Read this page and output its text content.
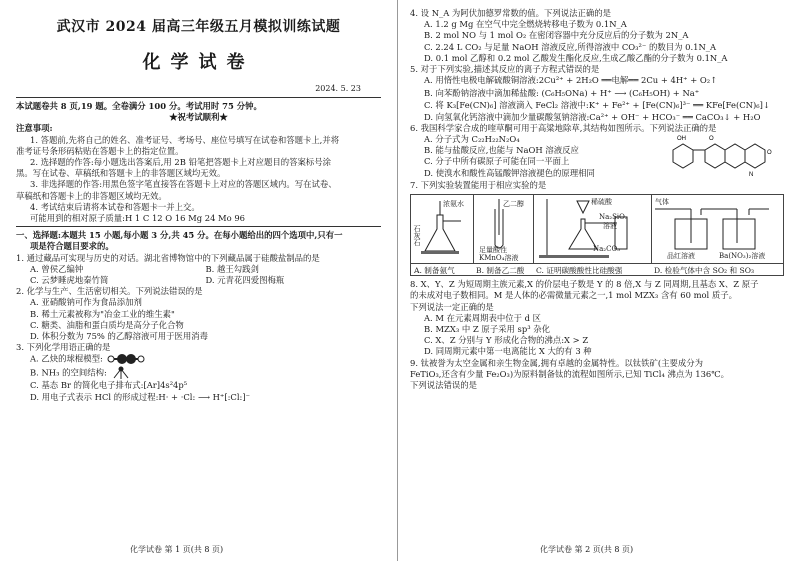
武汉市 2024 届高三年级五月模拟训练试题
化学试卷
2024. 5. 23
本试题卷共 8 页,19 题。全卷满分 100 分。考试用时 75 分钟。
★祝考试顺利★
注意事项:
1. 答题前,先将自己的姓名、准考证号、考场号、座位号填写在试卷和答题卡上,并将
准考证号条形码粘贴在答题卡上的指定位置。
2. 选择题的作答:每小题选出答案后,用 2B 铅笔把答题卡上对应题目的答案标号涂
黑。写在试卷、草稿纸和答题卡上的非答题区域均无效。
3. 非选择题的作答:用黑色签字笔直接答在答题卡上对应的答题区域内。写在试卷、
草稿纸和答题卡上的非答题区域均无效。
4. 考试结束后请将本试卷和答题卡一并上交。
可能用到的相对原子质量:H 1 C 12 O 16 Mg 24 Mo 96
一、选择题:本题共 15 小题,每小题 3 分,共 45 分。在每小题给出的四个选项中,只有一
项是符合题目要求的。
1. 通过藏品可实现与历史的对话。湖北省博物馆中的下列藏品属于硅酸盐制品的是
A. 曾侯乙编钟	B. 越王勾践剑
C. 云梦睡虎地秦竹简	D. 元青花四爱图梅瓶
2. 化学与生产、生活密切相关。下列说法错误的是
A. 亚硝酸钠可作为食品添加剂
B. 稀土元素被称为"冶金工业的维生素"
C. 糖类、油脂和蛋白质均是高分子化合物
D. 体积分数为 75% 的乙醇溶液可用于医用消毒
3. 下列化学用语正确的是
A. 乙炔的球棍模型:
B. NH₃ 的空间结构:
C. 基态 Br 的简化电子排布式:[Ar]4s²4p⁵
D. 用电子式表示 HCl 的形成过程:H· + ·Cl: ⟶ H⁺[:Cl:]⁻
化学试卷 第 1 页(共 8 页)
4. 设 N_A 为阿伏加德罗常数的值。下列说法正确的是
A. 1.2 g Mg 在空气中完全燃烧转移电子数为 0.1N_A
B. 2 mol NO 与 1 mol O₂ 在密闭容器中充分反应后的分子数为 2N_A
C. 2.24 L CO₂ 与足量 NaOH 溶液反应,所得溶液中 CO₃²⁻ 的数目为 0.1N_A
D. 0.1 mol 乙醇和 0.2 mol 乙酸发生酯化反应,生成乙酸乙酯的分子数为 0.1N_A
5. 对于下列实验,描述其反应的离子方程式错误的是
A. 用惰性电极电解硫酸铜溶液:2Cu²⁺ + 2H₂O ══电解══ 2Cu + 4H⁺ + O₂↑
B. 向苯酚钠溶液中滴加稀盐酸: (C₆H₅ONa) + H⁺ ⟶ (C₆H₅OH) + Na⁺
C. 将 K₃[Fe(CN)₆] 溶液滴入 FeCl₂ 溶液中:K⁺ + Fe²⁺ + [Fe(CN)₆]³⁻ ══ KFe[Fe(CN)₆]↓
D. 向氢氧化钙溶液中滴加少量碳酸氢钠溶液:Ca²⁺ + OH⁻ + HCO₃⁻ ══ CaCO₃↓ + H₂O
6. 我国科学家合成的喹草酮可用于高粱地除草,其结构如图所示。下列说法正确的是
A. 分子式为 C₂₂H₂₂N₂O₄
B. 能与盐酸反应,也能与 NaOH 溶液反应
C. 分子中所有碳原子可能在同一平面上
D. 使溴水和酸性高锰酸钾溶液褪色的原理相同
OH	O
N
O
7. 下列实验装置能用于相应实验的是
浓氨水
石灰石
乙二醇
足量酸性
KMnO₄溶液
稀硫酸
Na₂SiO₃
溶液
Na₂CO₃
气体
品红溶液	Ba(NO₃)₂溶液
A. 制备氨气	B. 制备乙二酸 C. 证明碳酸酸性比硅酸强	D. 检验气体中含 SO₂ 和 SO₃

8. X、Y、Z 为短周期主族元素,X 的价层电子数是 Y 的 8 倍,X 与 Z 同周期,且基态 X、Z 原子
的未成对电子数相同。M 是人体的必需微量元素之一,1 mol MZX₃ 含有 60 mol 质子。
下列说法一定正确的是
A. M 在元素周期表中位于 d 区
B. MZX₃ 中 Z 原子采用 sp³ 杂化
C. X、Z 分别与 Y 形成化合物的沸点:X > Z
D. 同周期元素中第一电离能比 X 大的有 3 种
9. 钛被誉为太空金属和亲生物金属,拥有卓越的金属特性。以钛铁矿(主要成分为
FeTiO₃,还含有少量 Fe₂O₃)为原料制备钛的流程如图所示,已知 TiCl₄ 沸点为 136℃。
下列说法错误的是
化学试卷 第 2 页(共 8 页)
